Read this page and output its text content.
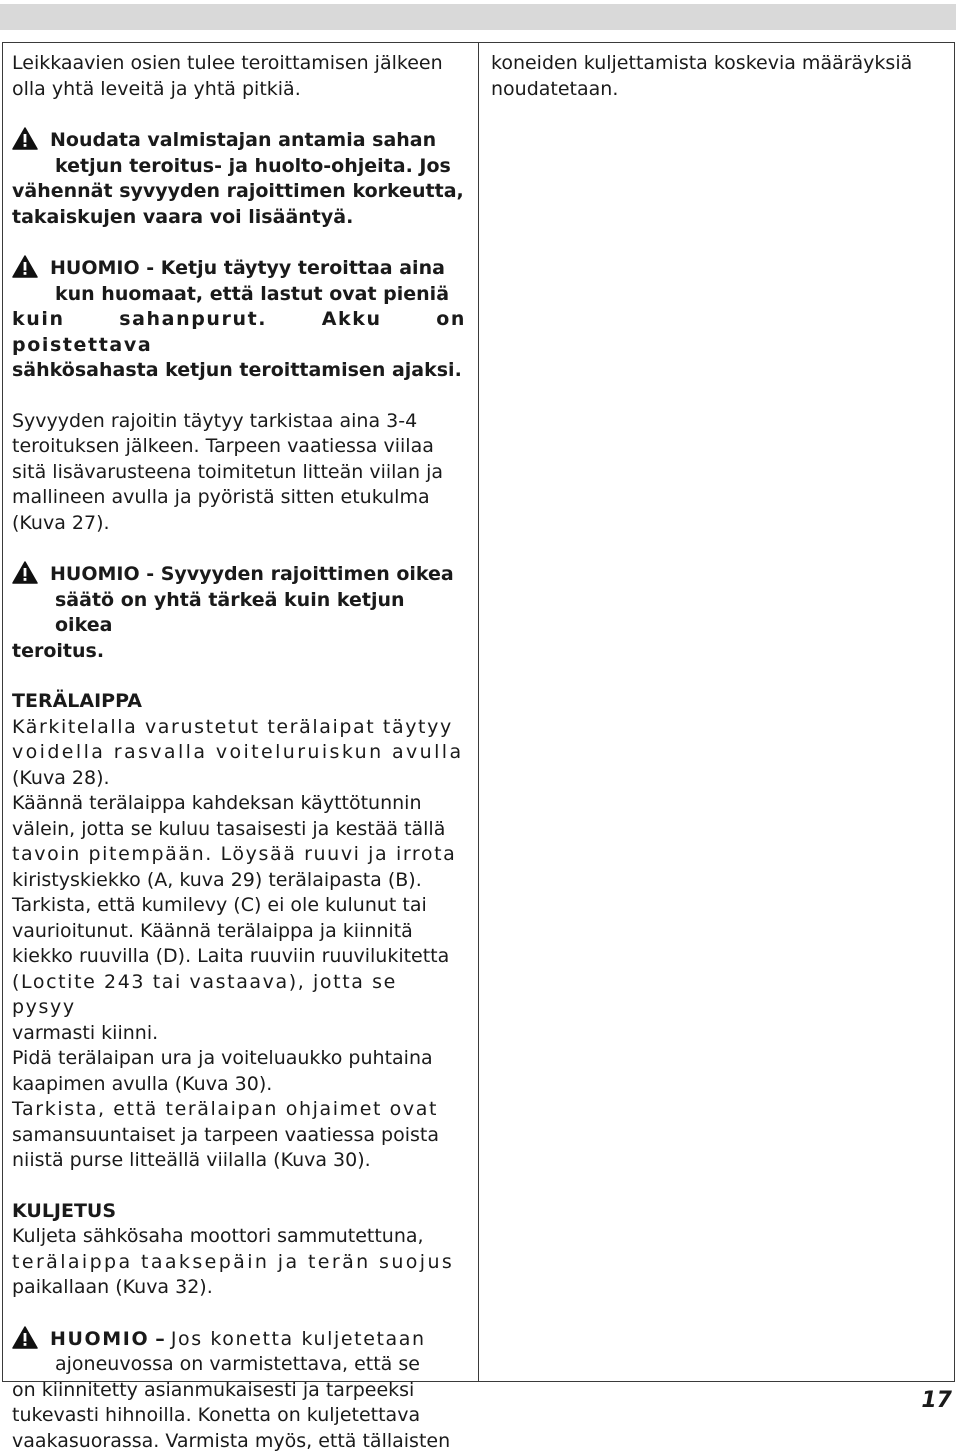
Leikkaavien osien tulee teroittamisen jälkeen
olla yhtä leveitä ja yhtä pitkiä.
Noudata valmistajan antamia sahan
ketjun teroitus- ja huolto-ohjeita. Jos
vähennät syvyyden rajoittimen korkeutta,
takaiskujen vaara voi lisääntyä.
HUOMIO - Ketju täytyy teroittaa aina
kun huomaat, että lastut ovat pieniä
kuin sahanpurut. Akku on poistettava
sähkösahasta ketjun teroittamisen ajaksi.
Syvyyden rajoitin täytyy tarkistaa aina 3-4
teroituksen jälkeen. Tarpeen vaatiessa viilaa
sitä lisävarusteena toimitetun litteän viilan ja
mallineen avulla ja pyöristä sitten etukulma
(Kuva 27).
HUOMIO - Syvyyden rajoittimen oikea
säätö on yhtä tärkeä kuin ketjun oikea
teroitus.
TERÄLAIPPA
Kärkitelalla varustetut terälaipat täytyy
voidella rasvalla voiteluruiskun avulla
(Kuva 28).
Käännä terälaippa kahdeksan käyttötunnin
välein, jotta se kuluu tasaisesti ja kestää tällä
tavoin pitempään. Löysää ruuvi ja irrota
kiristyskiekko (A, kuva 29) terälaipasta (B).
Tarkista, että kumilevy (C) ei ole kulunut tai
vaurioitunut. Käännä terälaippa ja kiinnitä
kiekko ruuvilla (D). Laita ruuviin ruuvilukitetta
(Loctite 243 tai vastaava), jotta se pysyy
varmasti kiinni.
Pidä terälaipan ura ja voiteluaukko puhtaina
kaapimen avulla (Kuva 30).
Tarkista, että terälaipan ohjaimet ovat
samansuuntaiset ja tarpeen vaatiessa poista
niistä purse litteällä viilalla (Kuva 30).
KULJETUS
Kuljeta sähkösaha moottori sammutettuna,
terälaippa taaksepäin ja terän suojus
paikallaan (Kuva 32).
HUOMIO – Jos konetta kuljetetaan
ajoneuvossa on varmistettava, että se
on kiinnitetty asianmukaisesti ja tarpeeksi
tukevasti hihnoilla. Konetta on kuljetettava
vaakasuorassa. Varmista myös, että tällaisten
koneiden kuljettamista koskevia määräyksiä
noudatetaan.
17
